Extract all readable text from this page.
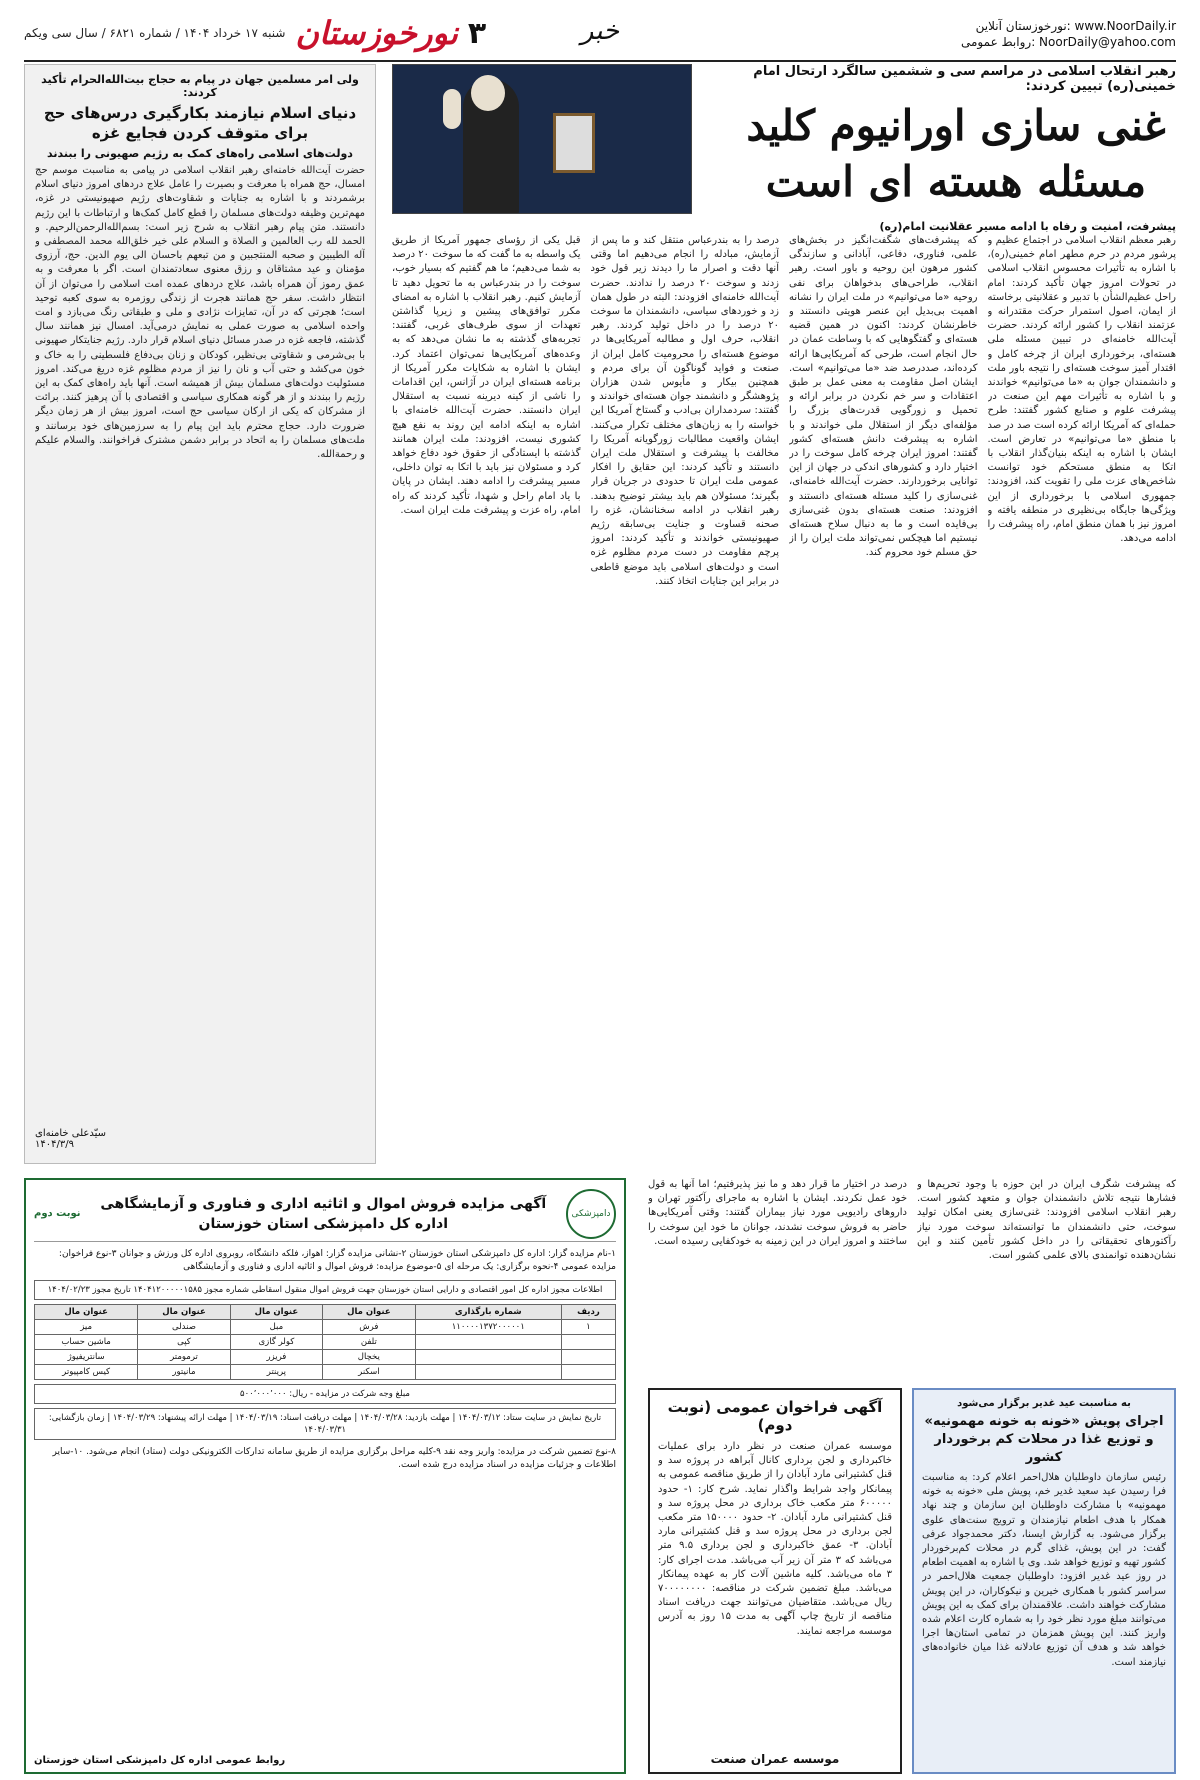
۳
نورخوزستان
شنبه ۱۷ خرداد ۱۴۰۴ / شماره ۶۸۲۱ / سال سی ویکم	خبر	نورخوزستان آنلاین: www.NoorDaily.ir
روابط عمومی: NoorDaily@yahoo.com
رهبر انقلاب اسلامی در مراسم سی و ششمین سالگرد ارتحال امام خمینی(ره) تبیین کردند:
غنی سازی اورانیوم کلید مسئله هسته ای است
پیشرفت، امنیت و رفاه با ادامه مسیر عقلانیت امام(ره)
رهبر معظم انقلاب اسلامی در اجتماع عظیم و پرشور مردم در حرم مطهر امام خمینی(ره)، با اشاره به تأثیرات محسوس انقلاب اسلامی در تحولات امروز جهان تأکید کردند: امام راحل عظیم‌الشأن با تدبیر و عقلانیتی برخاسته از ایمان، اصول استمرار حرکت مقتدرانه و عزتمند انقلاب را کشور ارائه کردند. حضرت آیت‌الله خامنه‌ای در تبیین مسئله ملی هسته‌ای، برخورداری ایران از چرخه کامل و اقتدار آمیز سوخت هسته‌ای را نتیجه باور ملت و دانشمندان جوان به «ما می‌توانیم» خواندند و با اشاره به تأثیرات مهم این صنعت در پیشرفت علوم و صنایع کشور گفتند: طرح حمله‌ای که آمریکا ارائه کرده است صد در صد با منطق «ما می‌توانیم» در تعارض است. ایشان با اشاره به اینکه بنیان‌گذار انقلاب با اتکا به منطق مستحکم خود توانست شاخص‌های عزت ملی را تقویت کند، افزودند: جمهوری اسلامی با برخورداری از این ویژگی‌ها جایگاه بی‌نظیری در منطقه یافته و امروز نیز با همان منطق امام، راه پیشرفت را ادامه می‌دهد.
که پیشرفت‌های شگفت‌انگیز در بخش‌های علمی، فناوری، دفاعی، آبادانی و سازندگی کشور مرهون این روحیه و باور است. رهبر انقلاب، طراحی‌های بدخواهان برای نفی روحیه «ما می‌توانیم» در ملت ایران را نشانه اهمیت بی‌بدیل این عنصر هویتی دانستند و خاطرنشان کردند: اکنون در همین قضیه هسته‌ای و گفتگوهایی که با وساطت عمان در حال انجام است، طرحی که آمریکایی‌ها ارائه کرده‌اند، صددرصد ضد «ما می‌توانیم» است. ایشان اصل مقاومت به معنی عمل بر طبق اعتقادات و سر خم نکردن در برابر ارائه و تحمیل و زورگویی قدرت‌های بزرگ را مؤلفه‌ای دیگر از استقلال ملی خواندند و با اشاره به پیشرفت دانش هسته‌ای کشور گفتند: امروز ایران چرخه کامل سوخت را در اختیار دارد و کشورهای اندکی در جهان از این توانایی برخوردارند. حضرت آیت‌الله خامنه‌ای، غنی‌سازی را کلید مسئله هسته‌ای دانستند و افزودند: صنعت هسته‌ای بدون غنی‌سازی بی‌فایده است و ما به دنبال سلاح هسته‌ای نیستیم اما هیچکس نمی‌تواند ملت ایران را از حق مسلم خود محروم کند.
درصد را به بندرعباس منتقل کند و ما پس از آزمایش، مبادله را انجام می‌دهیم اما وقتی آنها دقت و اصرار ما را دیدند زیر قول خود زدند و سوخت ۲۰ درصد را ندادند. حضرت آیت‌الله خامنه‌ای افزودند: البته در طول همان زد و خوردهای سیاسی، دانشمندان ما سوخت ۲۰ درصد را در داخل تولید کردند. رهبر انقلاب، حرف اول و مطالبه آمریکایی‌ها در موضوع هسته‌ای را محرومیت کامل ایران از صنعت و فواید گوناگون آن برای مردم و همچنین بیکار و مأیوس شدن هزاران پژوهشگر و دانشمند جوان هسته‌ای خواندند و گفتند: سردمداران بی‌ادب و گستاخ آمریکا این خواسته را به زبان‌های مختلف تکرار می‌کنند. ایشان واقعیت مطالبات زورگویانه آمریکا را مخالفت با پیشرفت و استقلال ملت ایران دانستند و تأکید کردند: این حقایق را افکار عمومی ملت ایران تا حدودی در جریان قرار بگیرند؛ مسئولان هم باید بیشتر توضیح بدهند. رهبر انقلاب در ادامه سخنانشان، غزه را صحنه قساوت و جنایت بی‌سابقه رژیم صهیونیستی خواندند و تأکید کردند: امروز پرچم مقاومت در دست مردم مظلوم غزه است و دولت‌های اسلامی باید موضع قاطعی در برابر این جنایات اتخاذ کنند.
قبل یکی از رؤسای جمهور آمریکا از طریق یک واسطه به ما گفت که ما سوخت ۲۰ درصد به شما می‌دهیم؛ ما هم گفتیم که بسیار خوب، سوخت را در بندرعباس به ما تحویل دهید تا آزمایش کنیم. رهبر انقلاب با اشاره به امضای مکرر توافق‌های پیشین و زیرپا گذاشتن تعهدات از سوی طرف‌های غربی، گفتند: تجربه‌های گذشته به ما نشان می‌دهد که به وعده‌های آمریکایی‌ها نمی‌توان اعتماد کرد. ایشان با اشاره به شکایات مکرر آمریکا از برنامه هسته‌ای ایران در آژانس، این اقدامات را ناشی از کینه دیرینه نسبت به استقلال ایران دانستند. حضرت آیت‌الله خامنه‌ای با اشاره به اینکه ادامه این روند به نفع هیچ کشوری نیست، افزودند: ملت ایران همانند گذشته با ایستادگی از حقوق خود دفاع خواهد کرد و مسئولان نیز باید با اتکا به توان داخلی، مسیر پیشرفت را ادامه دهند. ایشان در پایان با یاد امام راحل و شهدا، تأکید کردند که راه امام، راه عزت و پیشرفت ملت ایران است.
ولی امر مسلمین جهان در پیام به حجاج بیت‌الله‌الحرام تأکید کردند:
دنیای اسلام نیازمند بکارگیری درس‌های حج برای متوقف کردن فجایع غزه
دولت‌های اسلامی راه‌های کمک به رژیم صهیونی را ببندند
حضرت آیت‌الله خامنه‌ای رهبر انقلاب اسلامی در پیامی به مناسبت موسم حج امسال، حج همراه با معرفت و بصیرت را عامل علاج دردهای امروز دنیای اسلام برشمردند و با اشاره به جنایات و شقاوت‌های رژیم صهیونیستی در غزه، مهم‌ترین وظیفه دولت‌های مسلمان را قطع کامل کمک‌ها و ارتباطات با این رژیم دانستند. متن پیام رهبر انقلاب به شرح زیر است: بسم‌الله‌الرحمن‌الرحیم. و الحمد لله رب العالمین و الصلاة و السلام علی خیر خلق‌الله محمد المصطفی و آله الطیبین و صحبه المنتجبین و من تبعهم باحسان الی یوم الدین. حج، آرزوی مؤمنان و عید مشتاقان و رزق معنوی سعادتمندان است. اگر با معرفت و به عمق رموز آن همراه باشد، علاج دردهای عمده امت اسلامی را می‌توان از آن انتظار داشت. سفر حج همانند هجرت از زندگی روزمره به سوی کعبه توحید است؛ هجرتی که در آن، تمایزات نژادی و ملی و طبقاتی رنگ می‌بازد و امت واحده اسلامی به صورت عملی به نمایش درمی‌آید. امسال نیز همانند سال گذشته، فاجعه غزه در صدر مسائل دنیای اسلام قرار دارد. رژیم جنایتکار صهیونی با بی‌شرمی و شقاوتی بی‌نظیر، کودکان و زنان بی‌دفاع فلسطینی را به خاک و خون می‌کشد و حتی آب و نان را نیز از مردم مظلوم غزه دریغ می‌کند. امروز مسئولیت دولت‌های مسلمان بیش از همیشه است. آنها باید راه‌های کمک به این رژیم را ببندند و از هر گونه همکاری سیاسی و اقتصادی با آن پرهیز کنند. برائت از مشرکان که یکی از ارکان سیاسی حج است، امروز بیش از هر زمان دیگر ضرورت دارد. حجاج محترم باید این پیام را به سرزمین‌های خود برسانند و ملت‌های مسلمان را به اتحاد در برابر دشمن مشترک فراخوانند. والسلام علیکم و رحمة‌الله.
سیّدعلی خامنه‌ای
۱۴۰۴/۳/۹
که پیشرفت شگرف ایران در این حوزه با وجود تحریم‌ها و فشارها نتیجه تلاش دانشمندان جوان و متعهد کشور است. رهبر انقلاب اسلامی افزودند: غنی‌سازی یعنی امکان تولید سوخت، حتی دانشمندان ما توانسته‌اند سوخت مورد نیاز رآکتورهای تحقیقاتی را در داخل کشور تأمین کنند و این نشان‌دهنده توانمندی بالای علمی کشور است.
درصد در اختیار ما قرار دهد و ما نیز پذیرفتیم؛ اما آنها به قول خود عمل نکردند. ایشان با اشاره به ماجرای رآکتور تهران و داروهای رادیویی مورد نیاز بیماران گفتند: وقتی آمریکایی‌ها حاضر به فروش سوخت نشدند، جوانان ما خود این سوخت را ساختند و امروز ایران در این زمینه به خودکفایی رسیده است.
به مناسبت عید غدیر برگزار می‌شود
اجرای پویش «خونه به خونه مهمونیه» و توزیع غذا در محلات کم برخوردار کشور
رئیس سازمان داوطلبان هلال‌احمر اعلام کرد: به مناسبت فرا رسیدن عید سعید غدیر خم، پویش ملی «خونه به خونه مهمونیه» با مشارکت داوطلبان این سازمان و چند نهاد همکار با هدف اطعام نیازمندان و ترویج سنت‌های علوی برگزار می‌شود. به گزارش ایسنا، دکتر محمدجواد عرفی گفت: در این پویش، غذای گرم در محلات کم‌برخوردار کشور تهیه و توزیع خواهد شد. وی با اشاره به اهمیت اطعام در روز عید غدیر افزود: داوطلبان جمعیت هلال‌احمر در سراسر کشور با همکاری خیرین و نیکوکاران، در این پویش مشارکت خواهند داشت. علاقمندان برای کمک به این پویش می‌توانند مبلغ مورد نظر خود را به شماره کارت اعلام شده واریز کنند. این پویش همزمان در تمامی استان‌ها اجرا خواهد شد و هدف آن توزیع عادلانه غذا میان خانواده‌های نیازمند است.
آگهی فراخوان عمومی (نوبت دوم)
موسسه عمران صنعت در نظر دارد برای عملیات خاکبرداری و لجن برداری کانال آبراهه در پروژه سد و قنل کشتیرانی مارد آبادان را از طریق مناقصه عمومی به پیمانکار واجد شرایط واگذار نماید. شرح کار: ۱- حدود ۶۰۰۰۰۰ متر مکعب خاک برداری در محل پروژه سد و قنل کشتیرانی مارد آبادان. ۲- حدود ۱۵۰۰۰۰ متر مکعب لجن برداری در محل پروژه سد و قنل کشتیرانی مارد آبادان. ۳- عمق خاکبرداری و لجن برداری ۹.۵ متر می‌باشد که ۳ متر آن زیر آب می‌باشد. مدت اجرای کار: ۳ ماه می‌باشد. کلیه ماشین آلات کار به عهده پیمانکار می‌باشد. مبلغ تضمین شرکت در مناقصه: ۷۰۰۰۰۰۰۰۰ ریال می‌باشد. متقاضیان می‌توانند جهت دریافت اسناد مناقصه از تاریخ چاپ آگهی به مدت ۱۵ روز به آدرس موسسه مراجعه نمایند.
موسسه عمران صنعت
دامپزشکی
آگهی مزایده فروش اموال و اثاثیه اداری و فناوری و آزمایشگاهی اداره کل دامپزشکی استان خوزستان
نوبت دوم
۱-نام مزایده گزار: اداره کل دامپزشکی استان خوزستان ۲-نشانی مزایده گزار: اهواز، فلکه دانشگاه، روبروی اداره کل ورزش و جوانان ۳-نوع فراخوان: مزایده عمومی ۴-نحوه برگزاری: یک مرحله ای ۵-موضوع مزایده: فروش اموال و اثاثیه اداری و فناوری و آزمایشگاهی
اطلاعات مجوز اداره کل امور اقتصادی و دارایی استان خوزستان جهت فروش اموال منقول اسقاطی شماره مجوز ۱۴۰۴۱۲۰۰۰۰۰۱۵۸۵ تاریخ مجوز ۱۴۰۴/۰۲/۲۳
ردیف	شماره بارگذاری	عنوان مال	عنوان مال	عنوان مال	عنوان مال
۱	۱۱۰۰۰۰۱۳۷۲۰۰۰۰۰۱	فرش	مبل	صندلی	میز
		تلفن	کولر گازی	کپی	ماشین حساب
		یخچال	فریزر	ترمومتر	سانتریفیوژ
		اسکنر	پرینتر	مانیتور	کیس کامپیوتر
مبلغ وجه شرکت در مزایده - ریال: ۵۰۰٬۰۰۰٬۰۰۰
تاریخ نمایش در سایت ستاد: ۱۴۰۴/۰۳/۱۲ | مهلت بازدید: ۱۴۰۴/۰۳/۲۸ | مهلت دریافت اسناد: ۱۴۰۴/۰۳/۱۹ | مهلت ارائه پیشنهاد: ۱۴۰۴/۰۳/۲۹ | زمان بازگشایی: ۱۴۰۴/۰۳/۳۱
۸-نوع تضمین شرکت در مزایده: واریز وجه نقد ۹-کلیه مراحل برگزاری مزایده از طریق سامانه تدارکات الکترونیکی دولت (ستاد) انجام می‌شود. ۱۰-سایر اطلاعات و جزئیات مزایده در اسناد مزایده درج شده است.
روابط عمومی اداره کل دامپزشکی استان خوزستان
